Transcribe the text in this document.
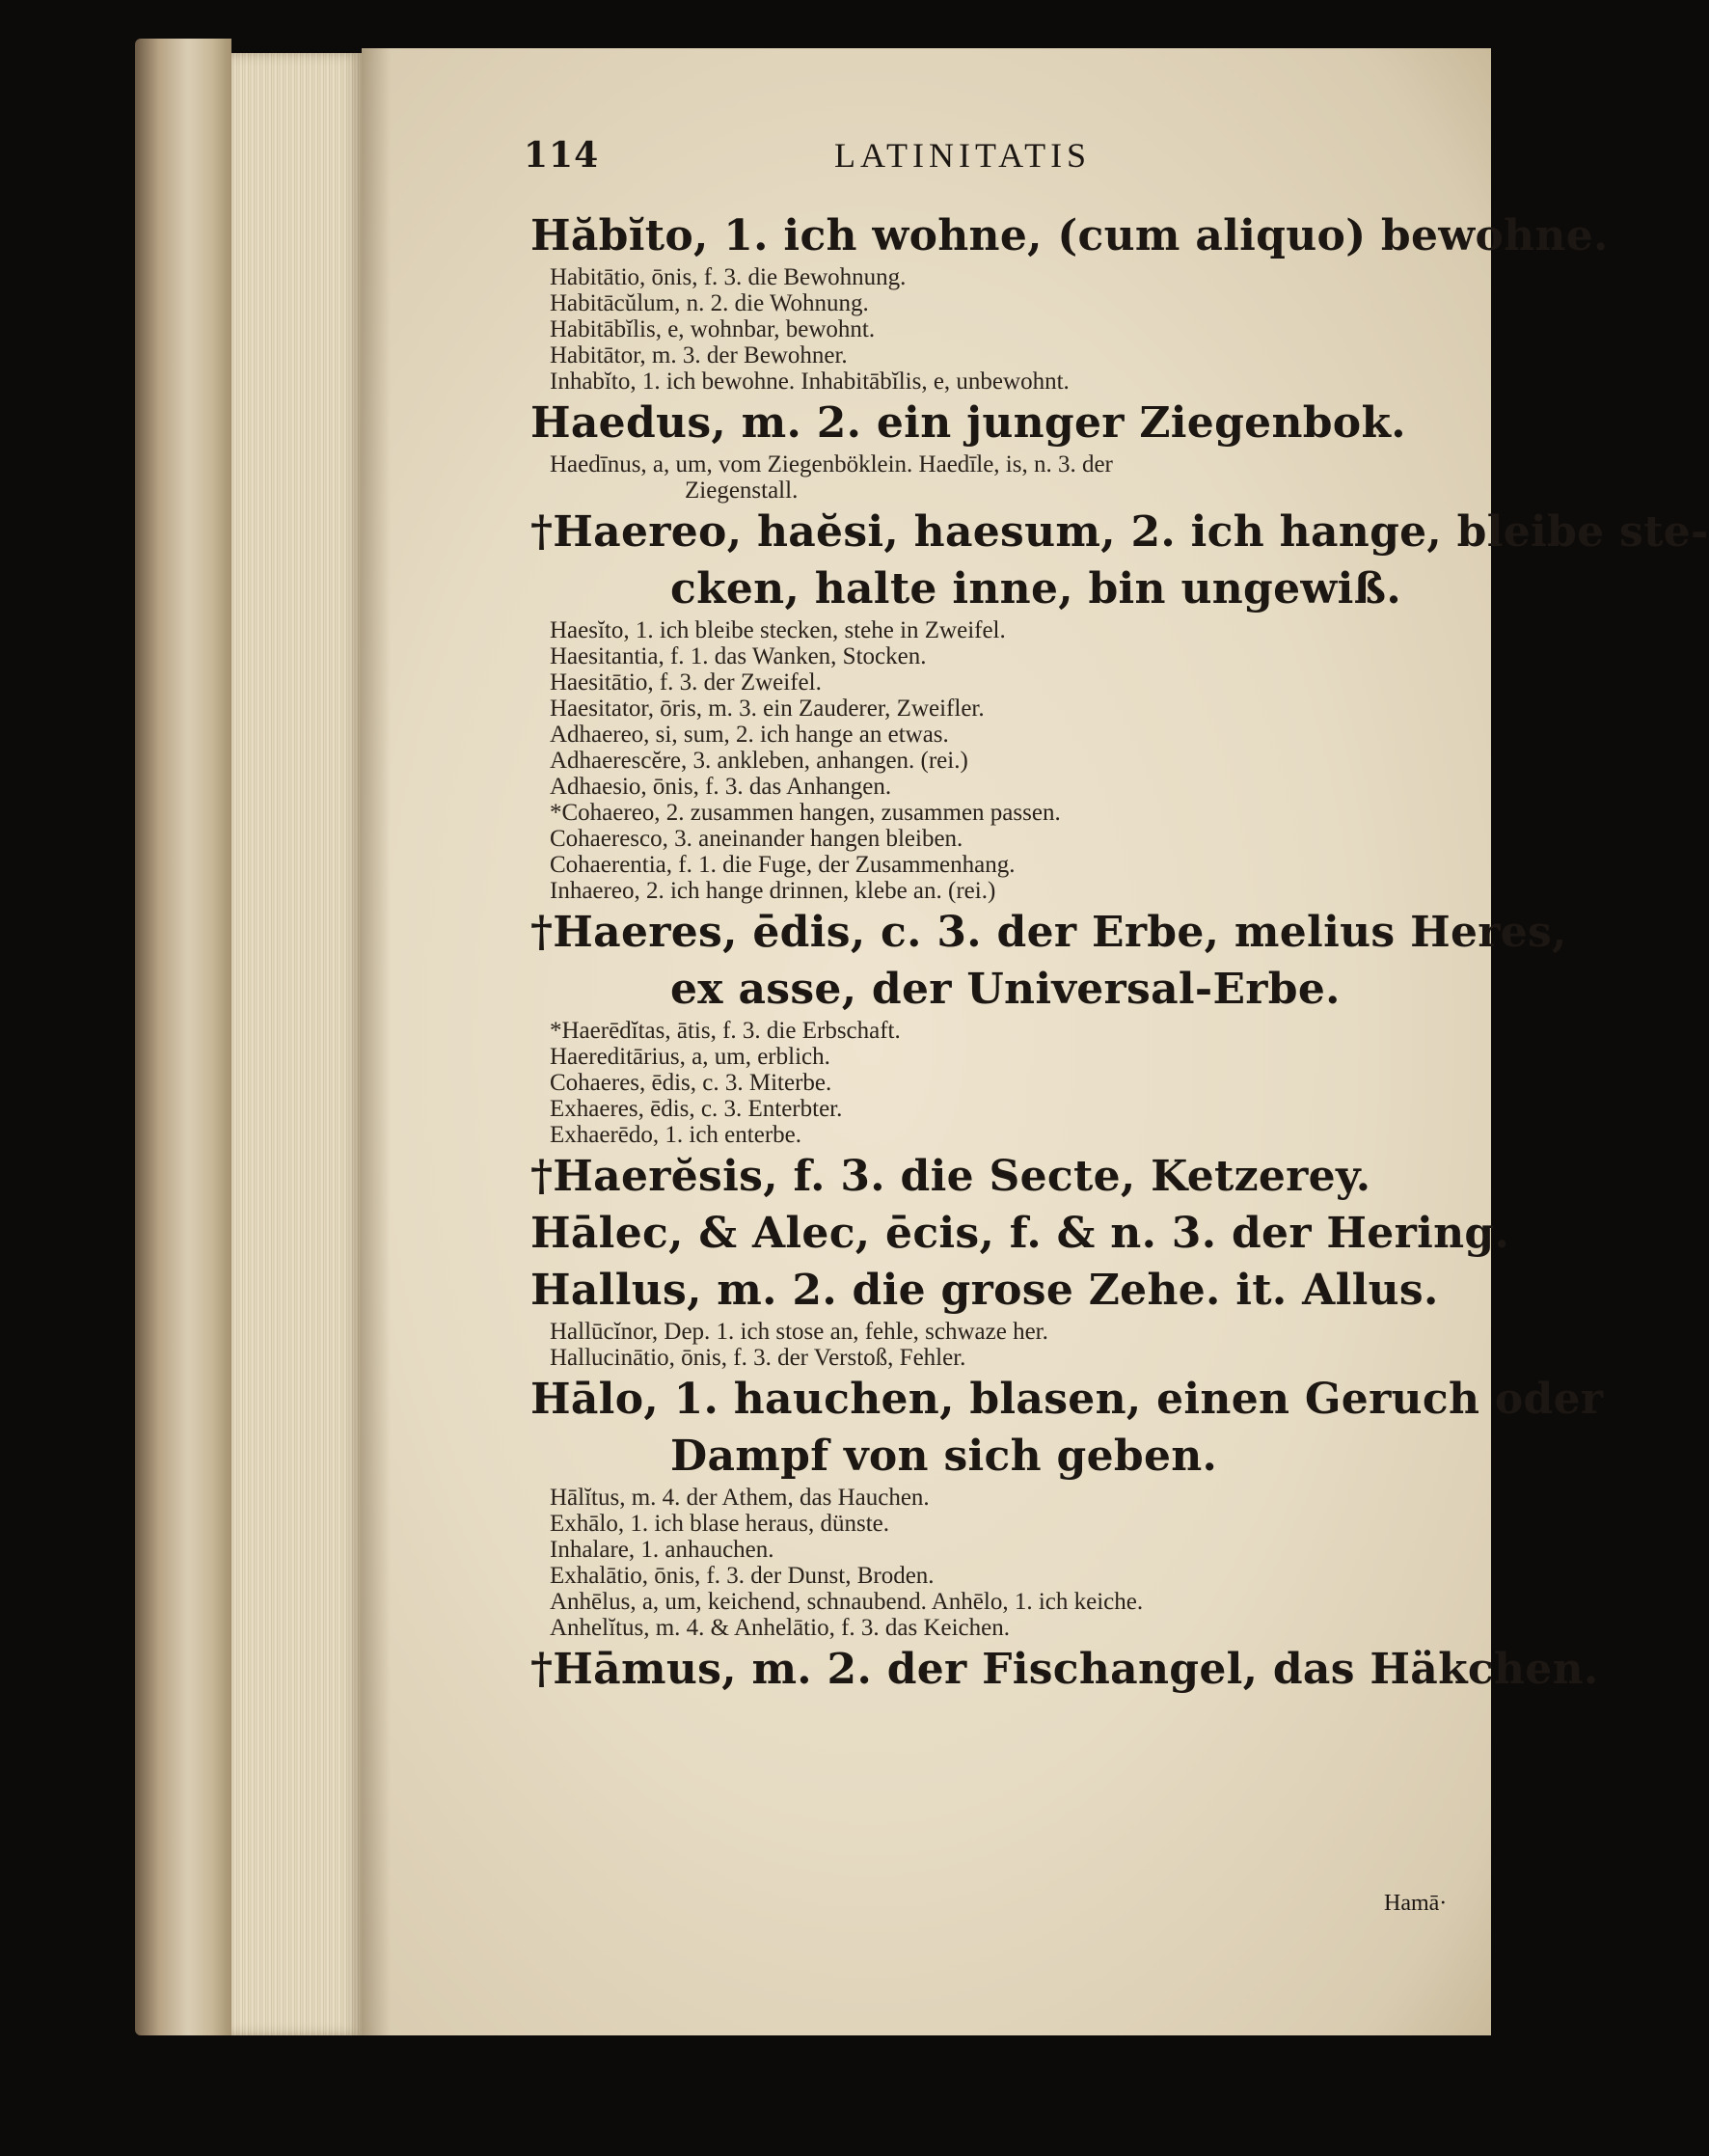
114	LATINITATIS
Hăbĭto, 1. ich wohne, (cum aliquo) bewohne.
Habitātio, ōnis, f. 3. die Bewohnung.
Habitācŭlum, n. 2. die Wohnung.
Habitābĭlis, e, wohnbar, bewohnt.
Habitātor, m. 3. der Bewohner.
Inhabĭto, 1. ich bewohne. Inhabitābĭlis, e, unbewohnt.
Haedus, m. 2. ein junger Ziegenbok.
Haedīnus, a, um, vom Ziegenböklein. Haedīle, is, n. 3. der
Ziegenstall.
†Haereo, haĕsi, haesum, 2. ich hange, bleibe ste-
cken, halte inne, bin ungewiß.
Haesĭto, 1. ich bleibe stecken, stehe in Zweifel.
Haesitantia, f. 1. das Wanken, Stocken.
Haesitātio, f. 3. der Zweifel.
Haesitator, ōris, m. 3. ein Zauderer, Zweifler.
Adhaereo, si, sum, 2. ich hange an etwas.
Adhaerescĕre, 3. ankleben, anhangen. (rei.)
Adhaesio, ōnis, f. 3. das Anhangen.
*Cohaereo, 2. zusammen hangen, zusammen passen.
Cohaeresco, 3. aneinander hangen bleiben.
Cohaerentia, f. 1. die Fuge, der Zusammenhang.
Inhaereo, 2. ich hange drinnen, klebe an. (rei.)
†Haeres, ēdis, c. 3. der Erbe, melius Heres,
ex asse, der Universal-Erbe.
*Haerēdĭtas, ātis, f. 3. die Erbschaft.
Haereditārius, a, um, erblich.
Cohaeres, ēdis, c. 3. Miterbe.
Exhaeres, ēdis, c. 3. Enterbter.
Exhaerēdo, 1. ich enterbe.
†Haerĕsis, f. 3. die Secte, Ketzerey.
Hālec, & Alec, ēcis, f. & n. 3. der Hering.
Hallus, m. 2. die grose Zehe. it. Allus.
Hallūcĭnor, Dep. 1. ich stose an, fehle, schwaze her.
Hallucinātio, ōnis, f. 3. der Verstoß, Fehler.
Hālo, 1. hauchen, blasen, einen Geruch oder
Dampf von sich geben.
Hālĭtus, m. 4. der Athem, das Hauchen.
Exhālo, 1. ich blase heraus, dünste.
Inhalare, 1. anhauchen.
Exhalātio, ōnis, f. 3. der Dunst, Broden.
Anhēlus, a, um, keichend, schnaubend. Anhēlo, 1. ich keiche.
Anhelĭtus, m. 4. & Anhelātio, f. 3. das Keichen.
†Hāmus, m. 2. der Fischangel, das Häkchen.
Hamā·
